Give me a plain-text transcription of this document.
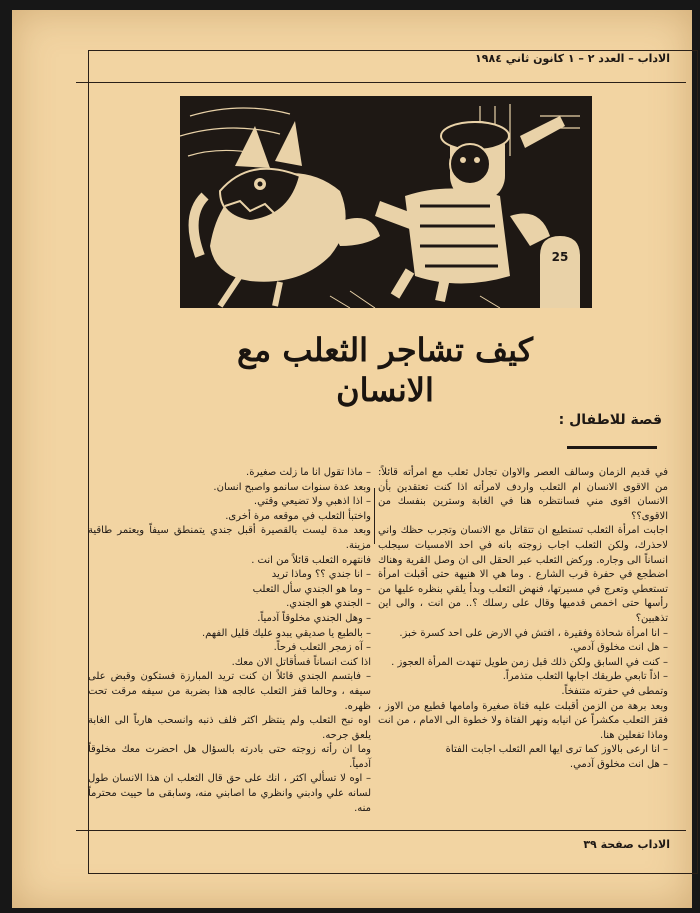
الاداب – العدد ٢ – ١ كانون ثاني ١٩٨٤
25
كيف تشاجر الثعلب مع
الانسان
قصة للاطفال :

في قديم الزمان وسالف العصر والاوان تجادل ثعلب مع امرأته قائلاً: من الاقوى الانسان ام الثعلب واردف لامرأته اذا كنت تعتقدين بأن الانسان اقوى مني فسانتظره هنا في الغابة وسترين بنفسك من الاقوى؟؟

اجابت امرأة الثعلب تستطيع ان تتقاتل مع الانسان وتجرب حظك واني لاحذرك، ولكن الثعلب اجاب زوجته بانه في احد الامسيات سيجلب انساناً الى وجاره. وركض الثعلب عبر الحقل الى ان وصل القرية وهناك اضطجع في حفرة قرب الشارع . وما هي الا هنيهة حتى أقبلت امرأة تستعطي وتعرج في مسيرتها، فنهض الثعلب وبدأ يلقي بنظره عليها من رأسها حتى اخمص قدميها وقال على رسلك ؟.. من انت ، والى اين تذهبين؟

– انا امرأة شحاذة وفقيرة ، افتش في الارض على احد كسرة خبز.

– هل انت مخلوق آدمي.

– كنت في السابق ولكن ذلك قبل زمن طويل تنهدت المرأة العجوز .

– اذاً تابعي طريقك اجابها الثعلب متذمراً.

وتمطى في حفرته متنفخاً.

وبعد برهة من الزمن أقبلت عليه فتاة صغيرة وامامها قطيع من الاوز ، فقز الثعلب مكشراً عن انيابه ونهر الفتاة ولا خطوة الى الامام ، من انت وماذا تفعلين هنا.

– انا ارعى بالاوز كما ترى ايها العم الثعلب اجابت الفتاة

– هل انت مخلوق آدمي.

– ماذا تقول انا ما زلت صغيرة.

وبعد عدة سنوات سانمو واصبح انسان.

– اذا اذهبي ولا تضيعي وقتي.

واختبأ الثعلب في موقعه مرة أخرى.

وبعد مدة ليست بالقصيرة أقبل جندي يتمنطق سيفاً ويعتمر طاقية مزينة.

فانتهره الثعلب قائلاً من انت .

– انا جندي ؟؟ وماذا تريد

– وما هو الجندي سأل الثعلب

– الجندي هو الجندي.

– وهل الجندي مخلوقاً آدمياً.

– بالطبع يا صديقي يبدو عليك قليل الفهم.

– آه زمجر الثعلب فرحاً.

اذا كنت انساناً فسأقاتل الان معك.

– فابتسم الجندي قائلاً ان كنت تريد المبارزة فستكون وقبض على سيفه ، وحالما قفز الثعلب عالجه هذا بضربة من سيفه مرقت تحت ظهره.

اوه نبح الثعلب ولم ينتظر اكثر فلف ذنبه وانسحب هارباً الى الغابة يلعق جرحه.

وما ان رأته زوجته حتى بادرته بالسؤال هل احضرت معك مخلوقاً آدمياً.

– اوه لا تسألي اكثر ، انك على حق قال الثعلب ان هذا الانسان طول لسانه علي وادبني وانظري ما اصابني منه، وسابقى ما حييت محترماً منه.

الاداب صفحة ٣٩
